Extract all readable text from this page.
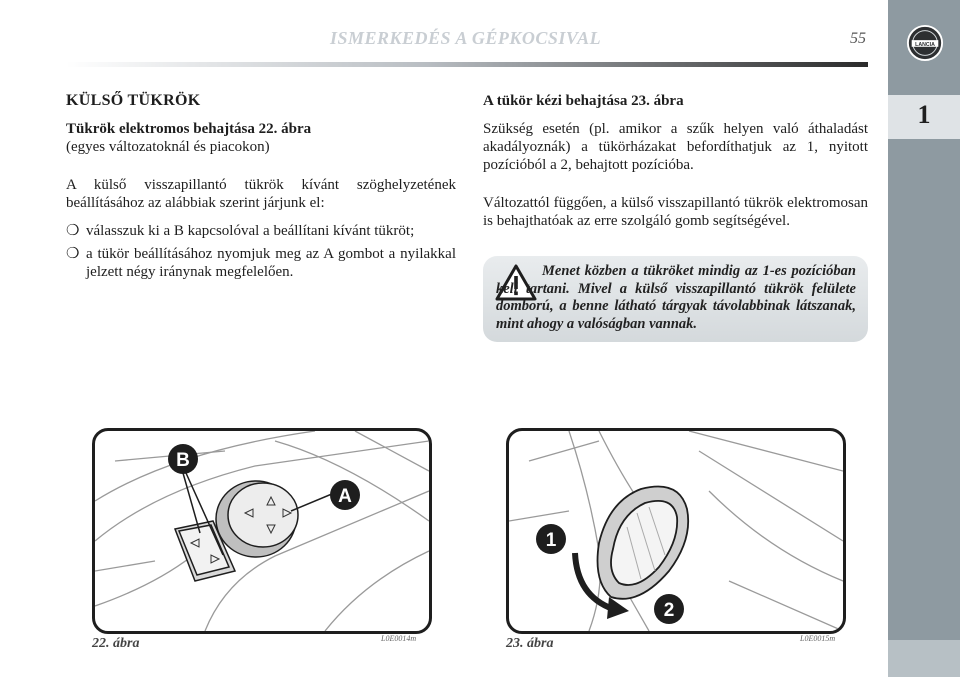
ISMERKEDÉS A GÉPKOCSIVAL	55	LANCIA
1
KÜLSŐ TÜKRÖK
Tükrök elektromos behajtása 22. ábra

(egyes változatoknál és piacokon)

A külső visszapillantó tükrök kívánt szöghelyzetének beállításához az alábbiak szerint járjunk el:

❍ válasszuk ki a B kapcsolóval a beállítani kívánt tükröt;
❍ a tükör beállításához nyomjuk meg az A gombot a nyilakkal jelzett négy iránynak megfelelően.
A tükör kézi behajtása 23. ábra

Szükség esetén (pl. amikor a szűk helyen való áthaladást akadályoznák) a tükörházakat befordíthatjuk az 1, nyitott pozícióból a 2, behajtott pozícióba.

Változattól függően, a külső visszapillantó tükrök elektromosan is behajthatóak az erre szolgáló gomb segítségével.

Menet közben a tükröket mindig az 1-es pozícióban kell tartani. Mivel a külső visszapillantó tükrök felülete domború, a benne látható tárgyak távolabbinak látszanak, mint ahogy a valóságban vannak.
B
A
22. ábra	L0E0014m
1
2
23. ábra	L0E0015m
